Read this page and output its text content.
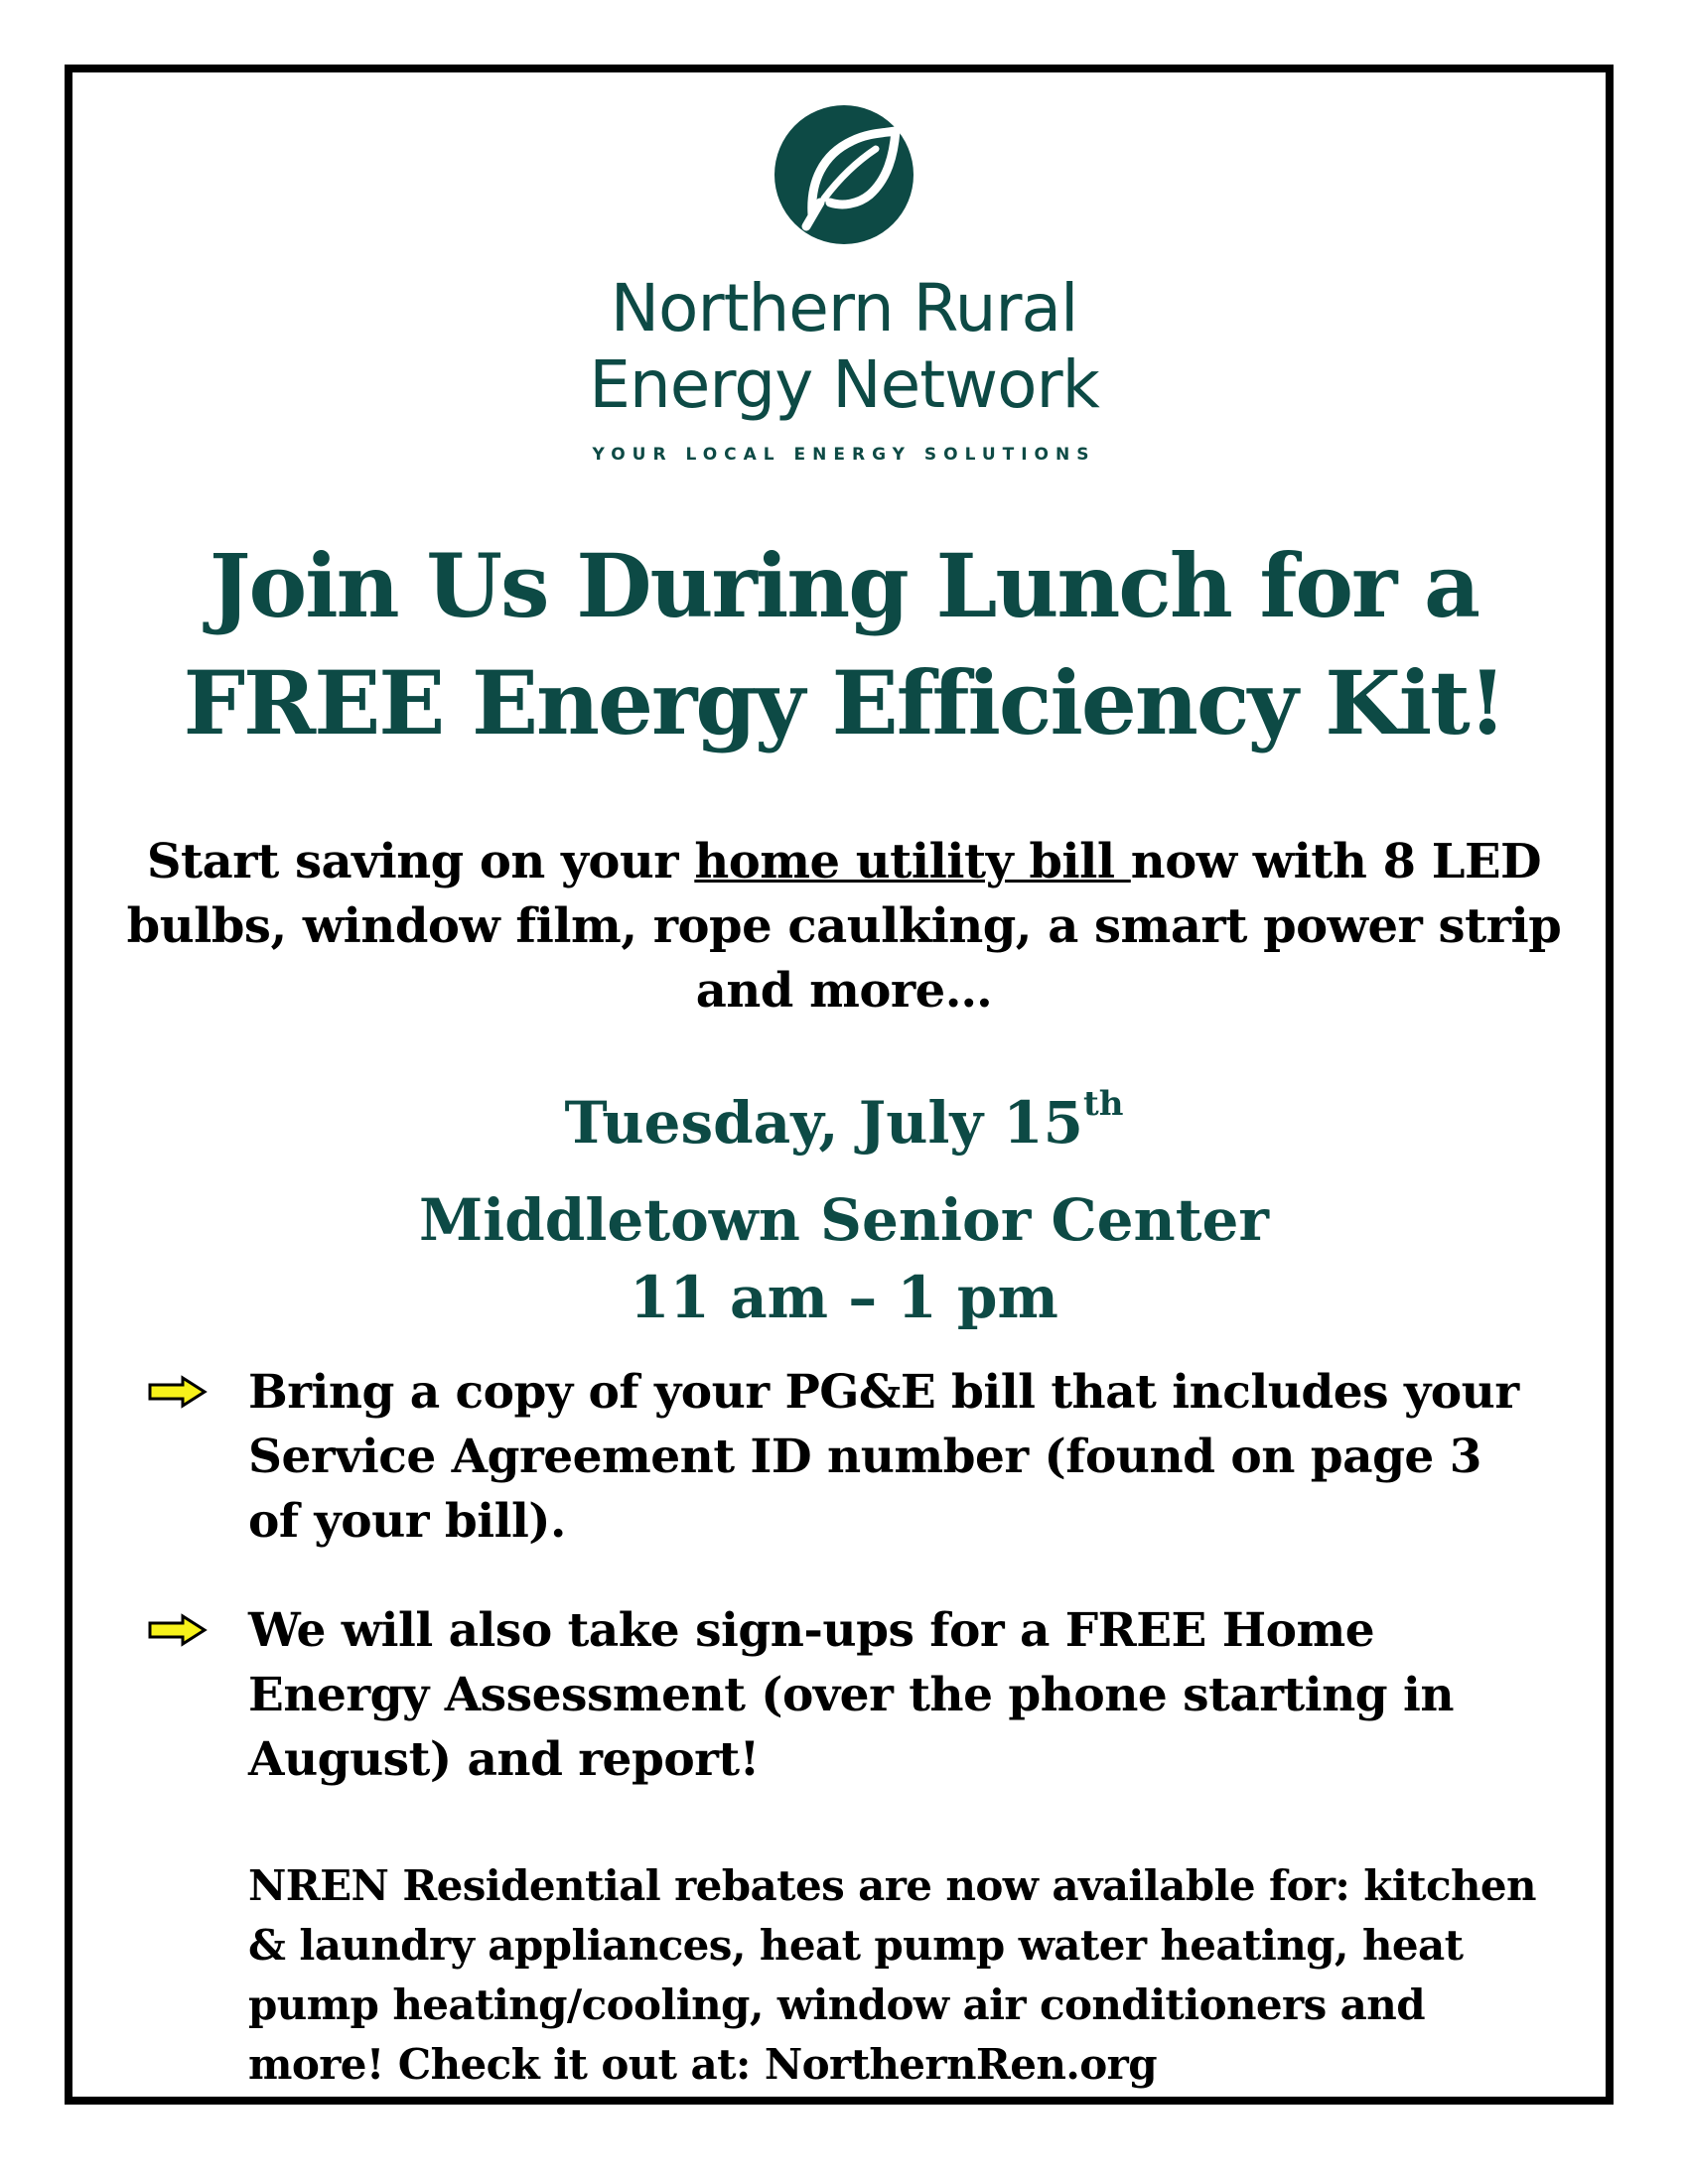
Northern Rural
Energy Network
YOUR LOCAL ENERGY SOLUTIONS
Join Us During Lunch for a
FREE Energy Efficiency Kit!
Start saving on your home utility bill now with 8 LED bulbs, window film, rope caulking, a smart power strip and more…
Tuesday, July 15th
Middletown Senior Center
11 am – 1 pm
Bring a copy of your PG&E bill that includes your Service Agreement ID number (found on page 3 of your bill).
We will also take sign-ups for a FREE Home Energy Assessment (over the phone starting in August) and report!
NREN Residential rebates are now available for: kitchen & laundry appliances, heat pump water heating, heat pump heating/cooling, window air conditioners and more! Check it out at: NorthernRen.org
